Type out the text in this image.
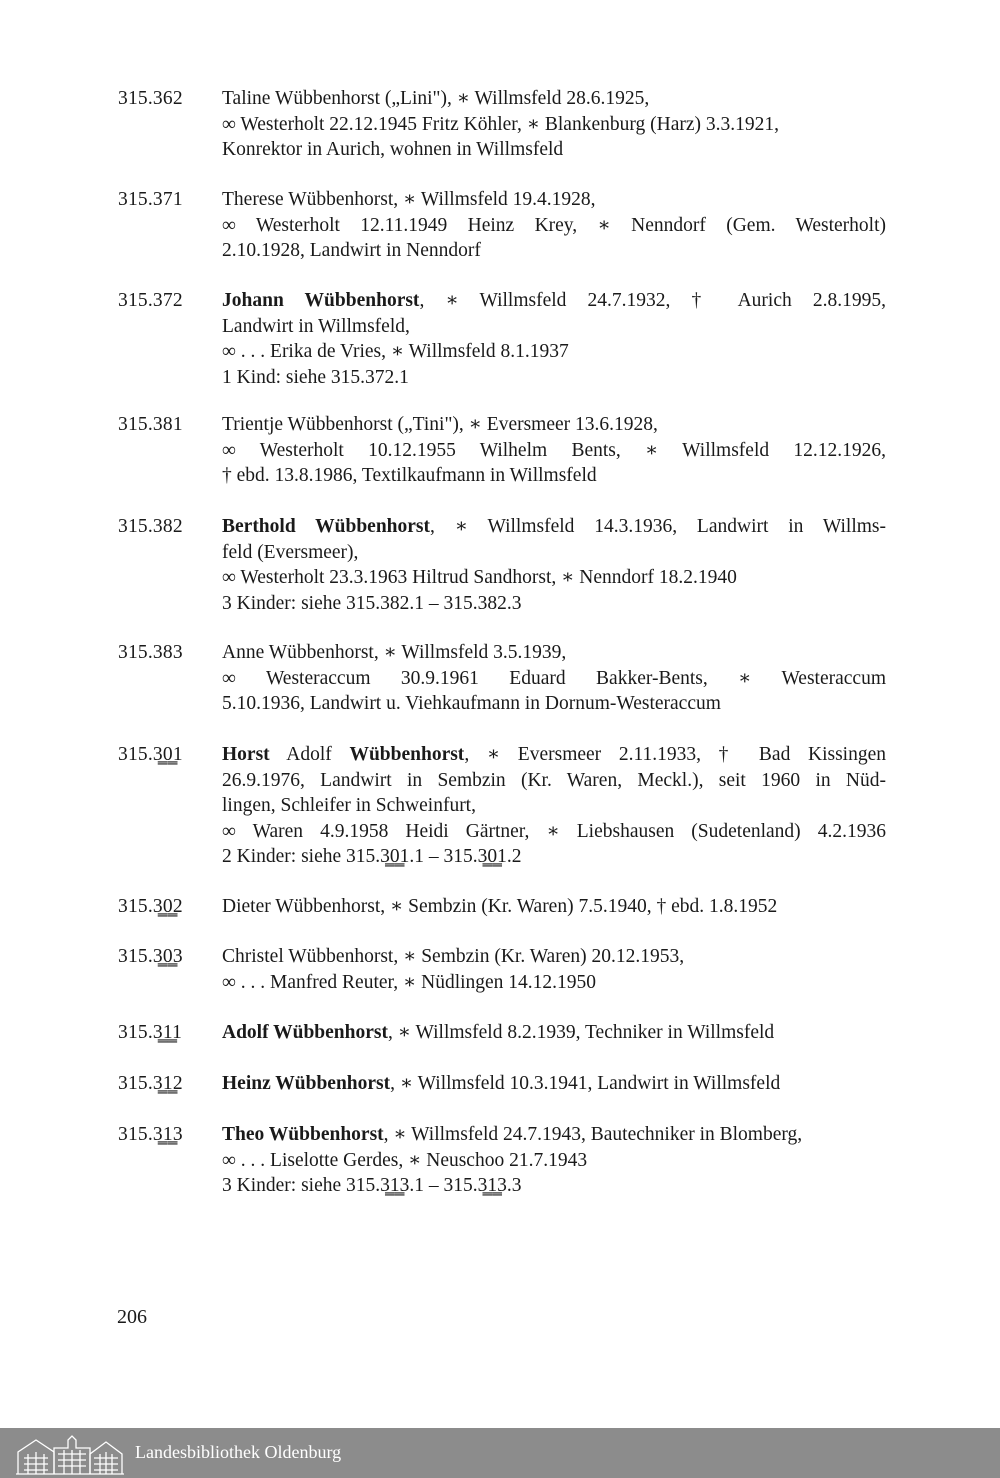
315.362	Taline Wübbenhorst („Lini"), ∗ Willmsfeld 28.6.1925,
∞ Westerholt 22.12.1945 Fritz Köhler, ∗ Blankenburg (Harz) 3.3.1921,
Konrektor in Aurich, wohnen in Willmsfeld
315.371	Therese Wübbenhorst, ∗ Willmsfeld 19.4.1928,
∞ Westerholt 12.11.1949 Heinz Krey, ∗ Nenndorf (Gem. Westerholt)
2.10.1928, Landwirt in Nenndorf
315.372	Johann Wübbenhorst, ∗ Willmsfeld 24.7.1932, † Aurich 2.8.1995,
Landwirt in Willmsfeld,
∞ . . . Erika de Vries, ∗ Willmsfeld 8.1.1937
1 Kind: siehe 315.372.1
315.381	Trientje Wübbenhorst („Tini"), ∗ Eversmeer 13.6.1928,
∞ Westerholt 10.12.1955 Wilhelm Bents, ∗ Willmsfeld 12.12.1926,
† ebd. 13.8.1986, Textilkaufmann in Willmsfeld
315.382	Berthold Wübbenhorst, ∗ Willmsfeld 14.3.1936, Landwirt in Willms-
feld (Eversmeer),
∞ Westerholt 23.3.1963 Hiltrud Sandhorst, ∗ Nenndorf 18.2.1940
3 Kinder: siehe 315.382.1 – 315.382.3
315.383	Anne Wübbenhorst, ∗ Willmsfeld 3.5.1939,
∞ Westeraccum 30.9.1961 Eduard Bakker-Bents, ∗ Westeraccum
5.10.1936, Landwirt u. Viehkaufmann in Dornum-Westeraccum
315.3̳0̳1	Horst Adolf Wübbenhorst, ∗ Eversmeer 2.11.1933, † Bad Kissingen
26.9.1976, Landwirt in Sembzin (Kr. Waren, Meckl.), seit 1960 in Nüd-
lingen, Schleifer in Schweinfurt,
∞ Waren 4.9.1958 Heidi Gärtner, ∗ Liebshausen (Sudetenland) 4.2.1936
2 Kinder: siehe 315.3̳0̳1.1 – 315.3̳0̳1.2
315.3̳0̳2	Dieter Wübbenhorst, ∗ Sembzin (Kr. Waren) 7.5.1940, † ebd. 1.8.1952
315.3̳0̳3	Christel Wübbenhorst, ∗ Sembzin (Kr. Waren) 20.12.1953,
∞ . . . Manfred Reuter, ∗ Nüdlingen 14.12.1950
315.3̳1̳1	Adolf Wübbenhorst, ∗ Willmsfeld 8.2.1939, Techniker in Willmsfeld
315.3̳1̳2	Heinz Wübbenhorst, ∗ Willmsfeld 10.3.1941, Landwirt in Willmsfeld
315.3̳1̳3	Theo Wübbenhorst, ∗ Willmsfeld 24.7.1943, Bautechniker in Blomberg,
∞ . . . Liselotte Gerdes, ∗ Neuschoo 21.7.1943
3 Kinder: siehe 315.3̳1̳3.1 – 315.3̳1̳3.3
206
Landesbibliothek Oldenburg
